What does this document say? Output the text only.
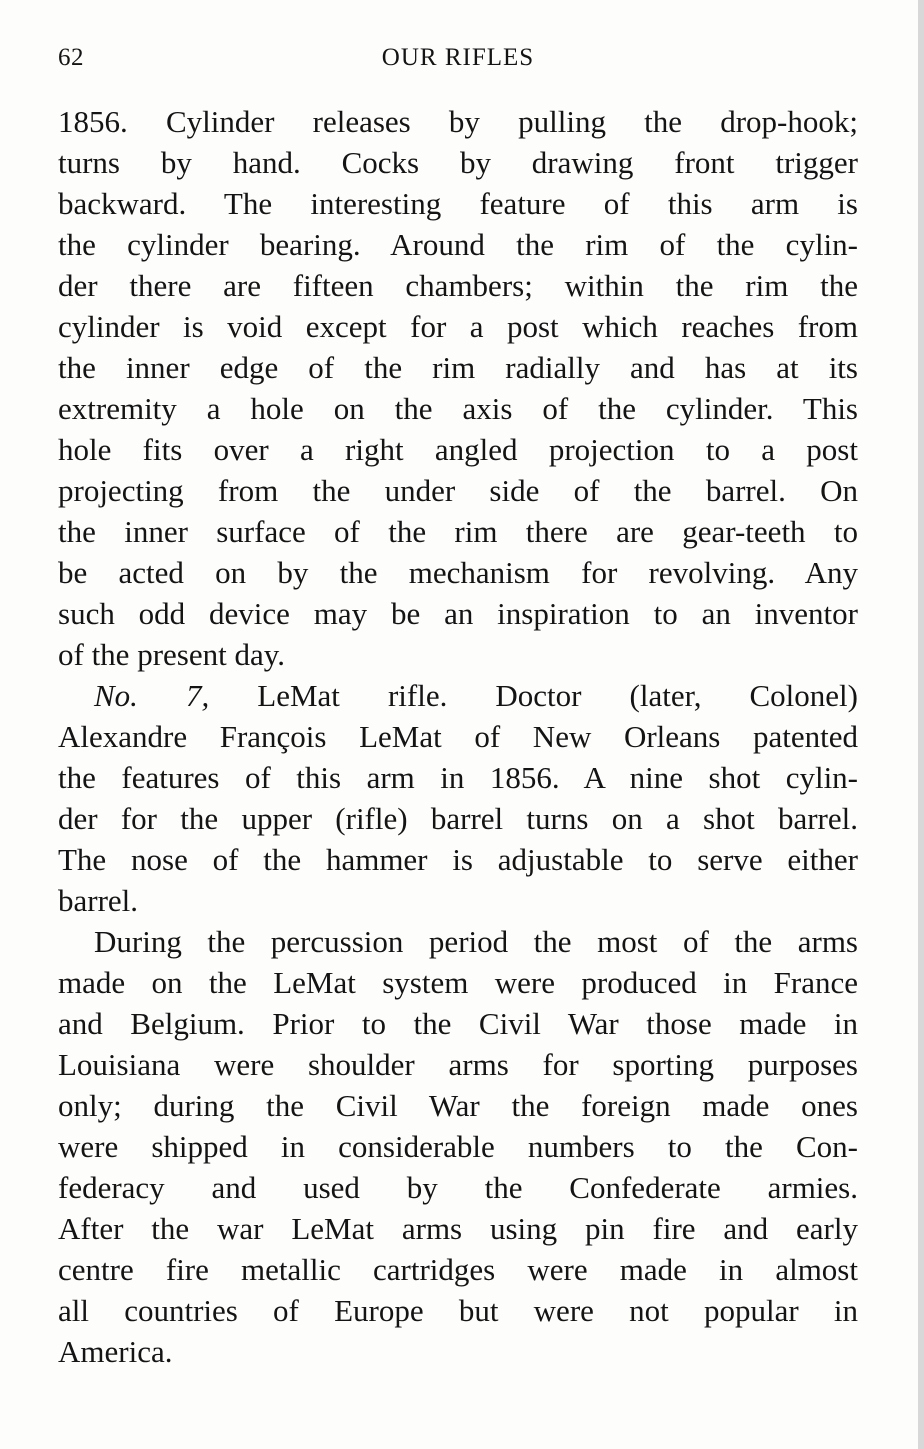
62	OUR RIFLES

1856. Cylinder releases by pulling the drop-hook;
turns by hand. Cocks by drawing front trigger
backward. The interesting feature of this arm is
the cylinder bearing. Around the rim of the cylin-
der there are fifteen chambers; within the rim the
cylinder is void except for a post which reaches from
the inner edge of the rim radially and has at its
extremity a hole on the axis of the cylinder. This
hole fits over a right angled projection to a post
projecting from the under side of the barrel. On
the inner surface of the rim there are gear-teeth to
be acted on by the mechanism for revolving. Any
such odd device may be an inspiration to an inventor
of the present day.

No. 7, LeMat rifle. Doctor (later, Colonel)
Alexandre François LeMat of New Orleans patented
the features of this arm in 1856. A nine shot cylin-
der for the upper (rifle) barrel turns on a shot barrel.
The nose of the hammer is adjustable to serve either
barrel.

During the percussion period the most of the arms
made on the LeMat system were produced in France
and Belgium. Prior to the Civil War those made in
Louisiana were shoulder arms for sporting purposes
only; during the Civil War the foreign made ones
were shipped in considerable numbers to the Con-
federacy and used by the Confederate armies.
After the war LeMat arms using pin fire and early
centre fire metallic cartridges were made in almost
all countries of Europe but were not popular in
America.
